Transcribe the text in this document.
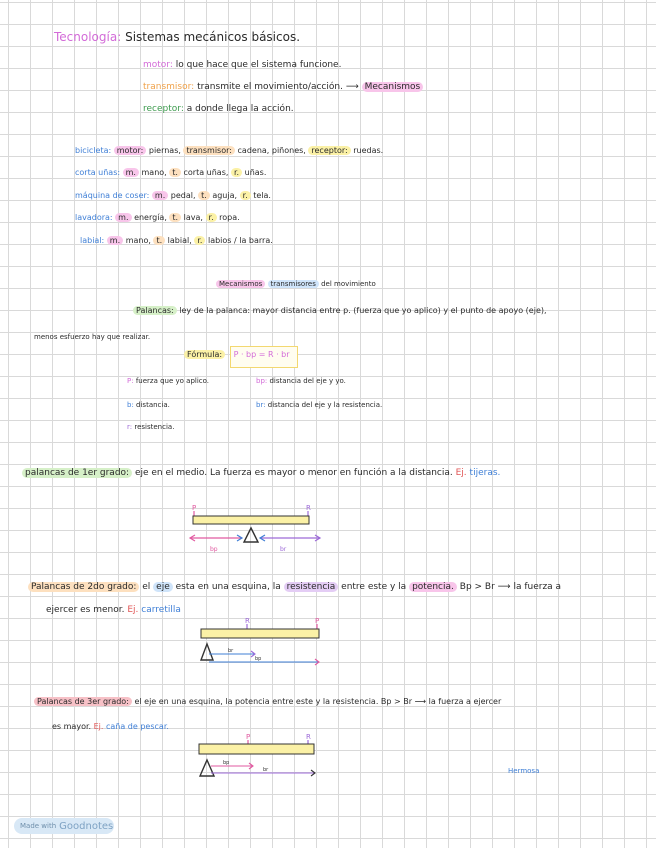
Tecnología: Sistemas mecánicos básicos.
motor: lo que hace que el sistema funcione.
transmisor: transmite el movimiento/acción. ⟶ Mecanismos
receptor: a donde llega la acción.
bicicleta: motor: piernas, transmisor: cadena, piñones, receptor: ruedas.
corta uñas: m. mano, t. corta uñas, r. uñas.
máquina de coser: m. pedal, t. aguja, r. tela.
lavadora: m. energía, t. lava, r. ropa.
labial: m. mano, t. labial, r. labios / la barra.
Mecanismos transmisores del movimiento
Palancas: ley de la palanca: mayor distancia entre p. (fuerza que yo aplico) y el punto de apoyo (eje),
menos esfuerzo hay que realizar.
Fórmula: P · bp = R · br
P: fuerza que yo aplico.	bp: distancia del eje y yo.
b: distancia.	br: distancia del eje y la resistencia.
r: resistencia.
palancas de 1er grado: eje en el medio. La fuerza es mayor o menor en función a la distancia. Ej. tijeras.
P	R
bp	br
Palancas de 2do grado: el eje esta en una esquina, la resistencia entre este y la potencia. Bp > Br ⟶ la fuerza a
ejercer es menor. Ej. carretilla
R	P
br
bp
Palancas de 3er grado: el eje en una esquina, la potencia entre este y la resistencia. Bp > Br ⟶ la fuerza a ejercer
es mayor. Ej. caña de pescar.
P	R
bp
br	Hermosa
Made with Goodnotes
